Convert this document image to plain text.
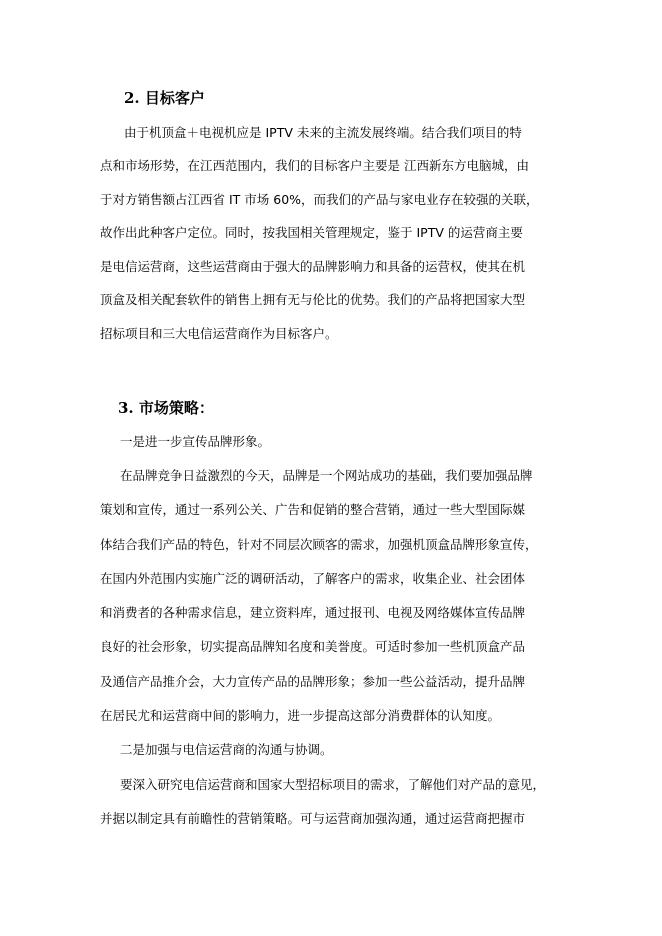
2. 目标客户
由于机顶盒＋电视机应是 IPTV 未来的主流发展终端。结合我们项目的特
点和市场形势，在江西范围内，我们的目标客户主要是 江西新东方电脑城，由
于对方销售额占江西省 IT 市场 60%，而我们的产品与家电业存在较强的关联，
故作出此种客户定位。同时，按我国相关管理规定，鉴于 IPTV 的运营商主要
是电信运营商，这些运营商由于强大的品牌影响力和具备的运营权，使其在机
顶盒及相关配套软件的销售上拥有无与伦比的优势。我们的产品将把国家大型
招标项目和三大电信运营商作为目标客户。
3. 市场策略：
一是进一步宣传品牌形象。
在品牌竞争日益激烈的今天，品牌是一个网站成功的基础，我们要加强品牌
策划和宣传，通过一系列公关、广告和促销的整合营销，通过一些大型国际媒
体结合我们产品的特色，针对不同层次顾客的需求，加强机顶盒品牌形象宣传，
在国内外范围内实施广泛的调研活动，了解客户的需求，收集企业、社会团体
和消费者的各种需求信息，建立资料库，通过报刊、电视及网络媒体宣传品牌
良好的社会形象，切实提高品牌知名度和美誉度。可适时参加一些机顶盒产品
及通信产品推介会，大力宣传产品的品牌形象；参加一些公益活动，提升品牌
在居民尤和运营商中间的影响力，进一步提高这部分消费群体的认知度。
二是加强与电信运营商的沟通与协调。
要深入研究电信运营商和国家大型招标项目的需求，了解他们对产品的意见，
并据以制定具有前瞻性的营销策略。可与运营商加强沟通，通过运营商把握市
